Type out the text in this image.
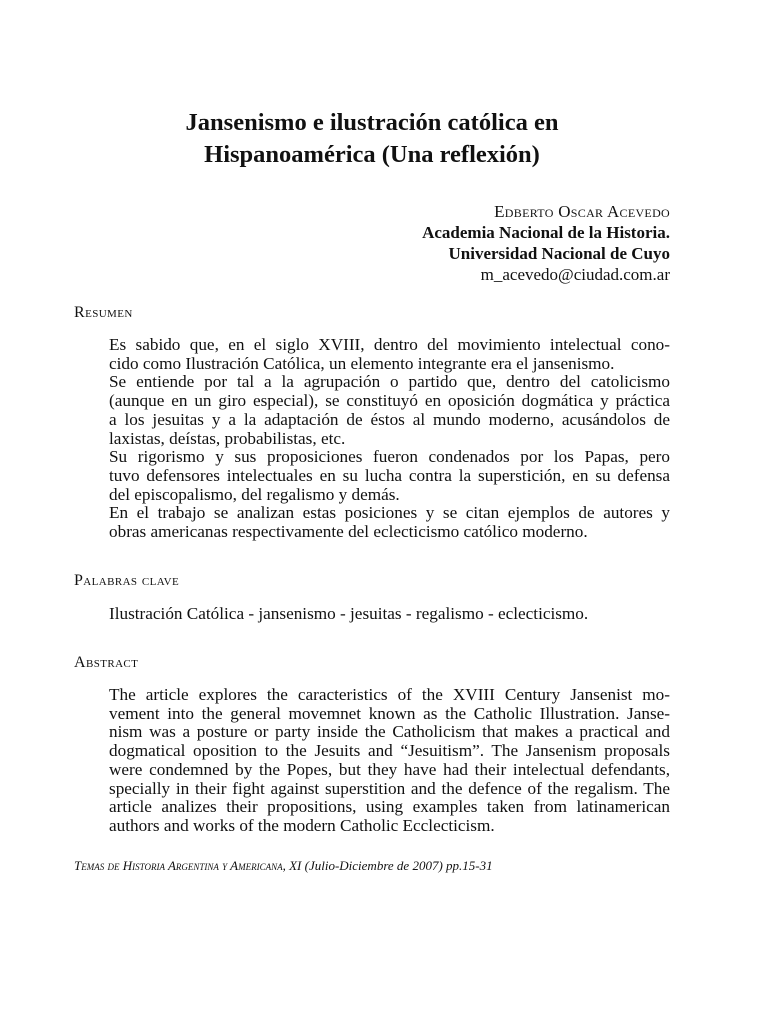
Jansenismo e ilustración católica en
Hispanoamérica (Una reflexión)
Edberto Oscar Acevedo
Academia Nacional de la Historia.
Universidad Nacional de Cuyo
m_acevedo@ciudad.com.ar
Resumen

Es sabido que, en el siglo XVIII, dentro del movimiento intelectual cono-
cido como Ilustración Católica, un elemento integrante era el jansenismo.

Se entiende por tal a la agrupación o partido que, dentro del catolicismo
(aunque en un giro especial), se constituyó en oposición dogmática y práctica
a los jesuitas y a la adaptación de éstos al mundo moderno, acusándolos de
laxistas, deístas, probabilistas, etc.

Su rigorismo y sus proposiciones fueron condenados por los Papas, pero
tuvo defensores intelectuales en su lucha contra la superstición, en su defensa
del episcopalismo, del regalismo y demás.

En el trabajo se analizan estas posiciones y se citan ejemplos de autores y
obras americanas respectivamente del eclecticismo católico moderno.

Palabras clave
Ilustración Católica - jansenismo - jesuitas - regalismo - eclecticismo.
Abstract

The article explores the caracteristics of the XVIII Century Jansenist mo-
vement into the general movemnet known as the Catholic Illustration. Janse-
nism was a posture or party inside the Catholicism that makes a practical and
dogmatical oposition to the Jesuits and “Jesuitism”. The Jansenism proposals
were condemned by the Popes, but they have had their intelectual defendants,
specially in their fight against superstition and the defence of the regalism. The
article analizes their propositions, using examples taken from latinamerican
authors and works of the modern Catholic Ecclecticism.

Temas de Historia Argentina y Americana, XI (Julio-Diciembre de 2007) pp.15-31
